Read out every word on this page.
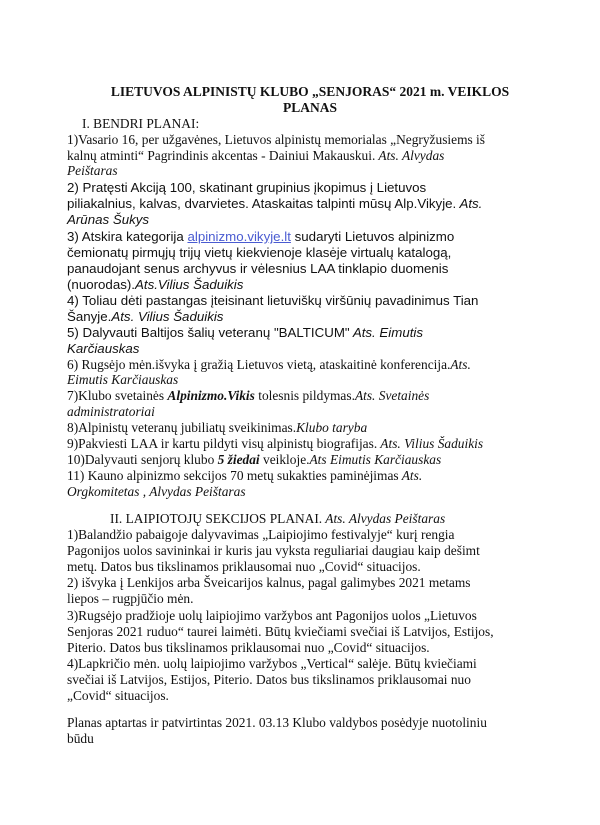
LIETUVOS ALPINISTŲ KLUBO „SENJORAS“ 2021 m. VEIKLOS
PLANAS
I. BENDRI PLANAI:
1)Vasario 16, per užgavėnes, Lietuvos alpinistų memorialas „Negryžusiems iš
kalnų atminti“ Pagrindinis akcentas - Dainiui Makauskui. Ats. Alvydas
Peištaras
2) Pratęsti Akciją 100, skatinant grupinius įkopimus į Lietuvos
piliakalnius, kalvas, dvarvietes. Ataskaitas talpinti mūsų Alp.Vikyje. Ats.
Arūnas Šukys
3) Atskira kategorija alpinizmo.vikyje.lt sudaryti Lietuvos alpinizmo
čemionatų pirmųjų trijų vietų kiekvienoje klasėje virtualų katalogą,
panaudojant senus archyvus ir vėlesnius LAA tinklapio duomenis
(nuorodas).Ats.Vilius Šaduikis
4) Toliau dėti pastangas įteisinant lietuviškų viršūnių pavadinimus Tian
Šanyje.Ats. Vilius Šaduikis
5) Dalyvauti Baltijos šalių veteranų "BALTICUM" Ats. Eimutis
Karčiauskas
6) Rugsėjo mėn.išvyka į gražią Lietuvos vietą, ataskaitinė konferencija.Ats.
Eimutis Karčiauskas
7)Klubo svetainės Alpinizmo.Vikis tolesnis pildymas.Ats. Svetainės
administratoriai
8)Alpinistų veteranų jubiliatų sveikinimas.Klubo taryba
9)Pakviesti LAA ir kartu pildyti visų alpinistų biografijas. Ats. Vilius Šaduikis
10)Dalyvauti senjorų klubo 5 žiedai veikloje.Ats Eimutis Karčiauskas
11) Kauno alpinizmo sekcijos 70 metų sukakties paminėjimas Ats.
Orgkomitetas , Alvydas Peištaras
II. LAIPIOTOJŲ SEKCIJOS PLANAI. Ats. Alvydas Peištaras
1)Balandžio pabaigoje dalyvavimas „Laipiojimo festivalyje“ kurį rengia
Pagonijos uolos savininkai ir kuris jau vyksta reguliariai daugiau kaip dešimt
metų. Datos bus tikslinamos priklausomai nuo „Covid“ situacijos.
2) išvyka į Lenkijos arba Šveicarijos kalnus, pagal galimybes 2021 metams
liepos – rugpjūčio mėn.
3)Rugsėjo pradžioje uolų laipiojimo varžybos ant Pagonijos uolos „Lietuvos
Senjoras 2021 ruduo“ taurei laimėti. Būtų kviečiami svečiai iš Latvijos, Estijos,
Piterio. Datos bus tikslinamos priklausomai nuo „Covid“ situacijos.
4)Lapkričio mėn. uolų laipiojimo varžybos „Vertical“ salėje. Būtų kviečiami
svečiai iš Latvijos, Estijos, Piterio. Datos bus tikslinamos priklausomai nuo
„Covid“ situacijos.
Planas aptartas ir patvirtintas 2021. 03.13 Klubo valdybos posėdyje nuotoliniu
būdu
